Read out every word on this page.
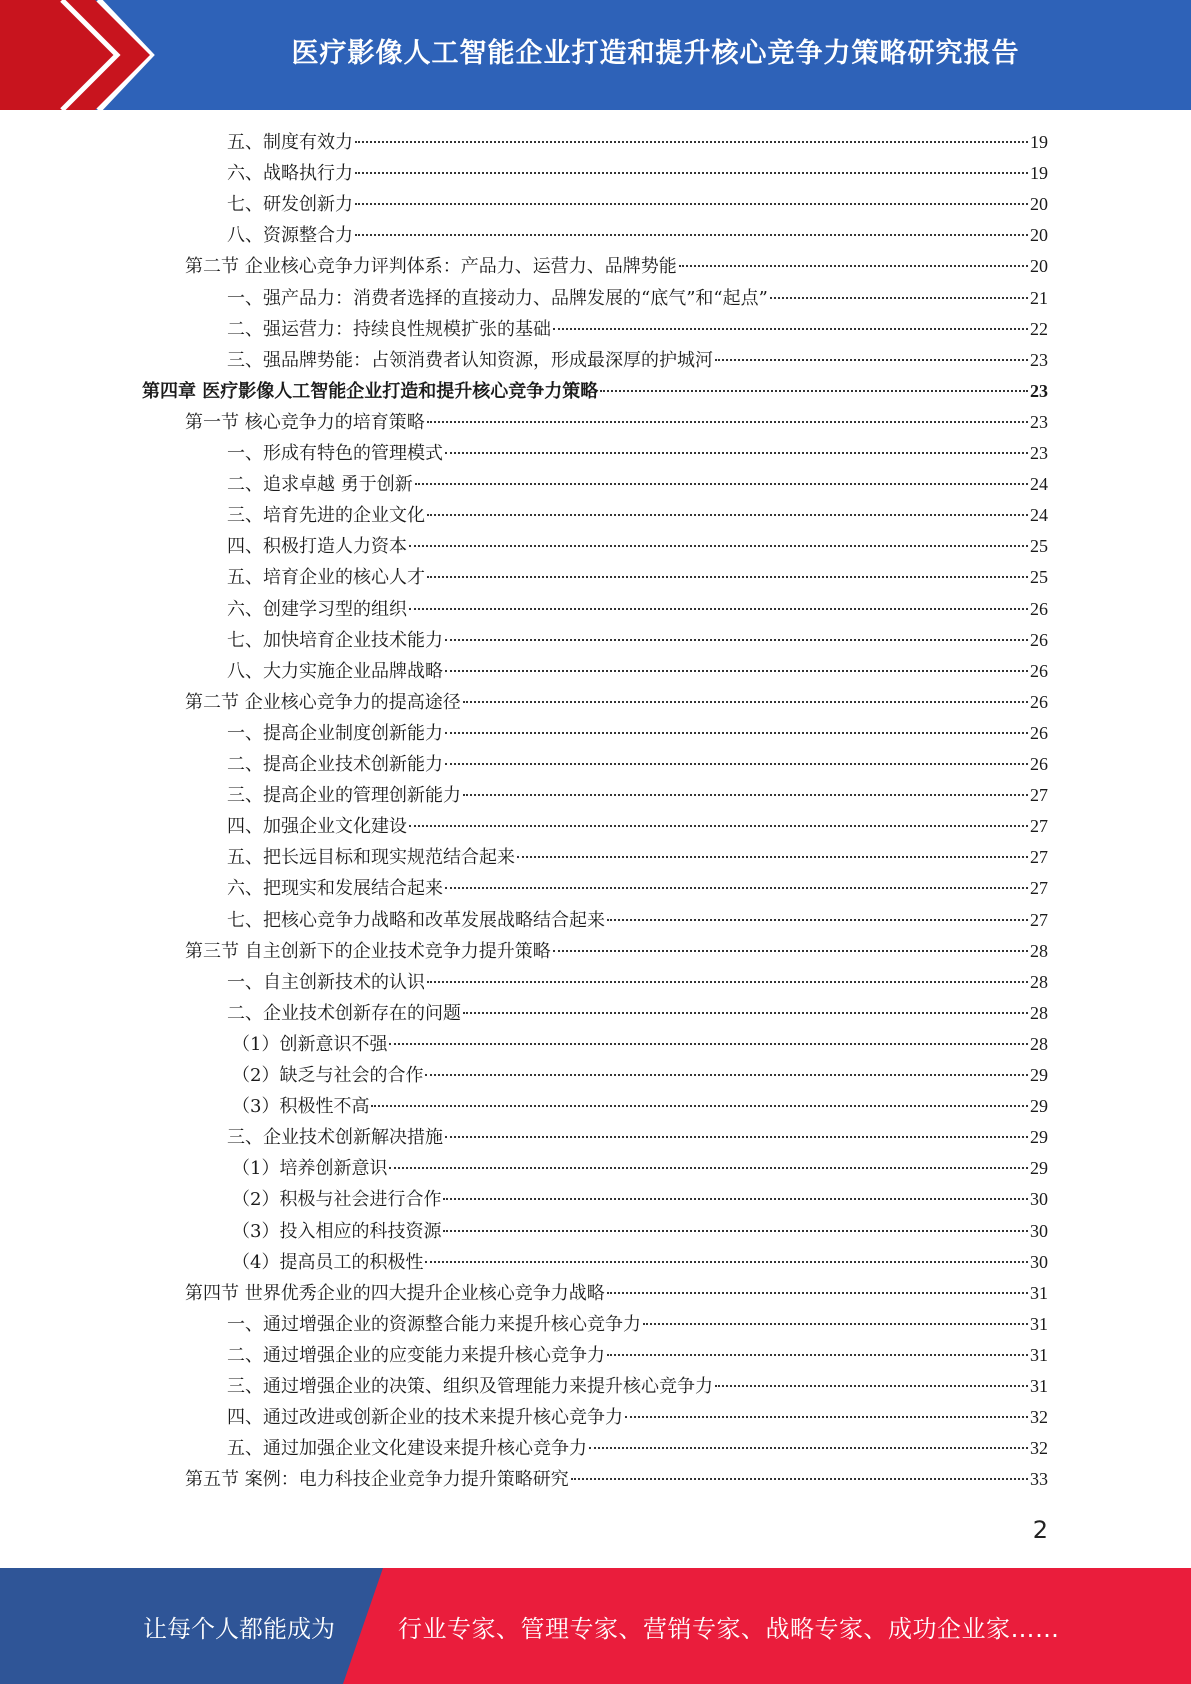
医疗影像人工智能企业打造和提升核心竞争力策略研究报告
五、制度有效力	19
六、战略执行力	19
七、研发创新力	20
八、资源整合力	20
第二节 企业核心竞争力评判体系：产品力、运营力、品牌势能	20
一、强产品力：消费者选择的直接动力、品牌发展的“底气”和“起点”	21
二、强运营力：持续良性规模扩张的基础	22
三、强品牌势能：占领消费者认知资源，形成最深厚的护城河	23
第四章 医疗影像人工智能企业打造和提升核心竞争力策略	23
第一节 核心竞争力的培育策略	23
一、形成有特色的管理模式	23
二、追求卓越 勇于创新	24
三、培育先进的企业文化	24
四、积极打造人力资本	25
五、培育企业的核心人才	25
六、创建学习型的组织	26
七、加快培育企业技术能力	26
八、大力实施企业品牌战略	26
第二节 企业核心竞争力的提高途径	26
一、提高企业制度创新能力	26
二、提高企业技术创新能力	26
三、提高企业的管理创新能力	27
四、加强企业文化建设	27
五、把长远目标和现实规范结合起来	27
六、把现实和发展结合起来	27
七、把核心竞争力战略和改革发展战略结合起来	27
第三节 自主创新下的企业技术竞争力提升策略	28
一、自主创新技术的认识	28
二、企业技术创新存在的问题	28
（1）创新意识不强	28
（2）缺乏与社会的合作	29
（3）积极性不高	29
三、企业技术创新解决措施	29
（1）培养创新意识	29
（2）积极与社会进行合作	30
（3）投入相应的科技资源	30
（4）提高员工的积极性	30
第四节 世界优秀企业的四大提升企业核心竞争力战略	31
一、通过增强企业的资源整合能力来提升核心竞争力	31
二、通过增强企业的应变能力来提升核心竞争力	31
三、通过增强企业的决策、组织及管理能力来提升核心竞争力	31
四、通过改进或创新企业的技术来提升核心竞争力	32
五、通过加强企业文化建设来提升核心竞争力	32
第五节 案例：电力科技企业竞争力提升策略研究	33
2
让每个人都能成为	行业专家、管理专家、营销专家、战略专家、成功企业家……
